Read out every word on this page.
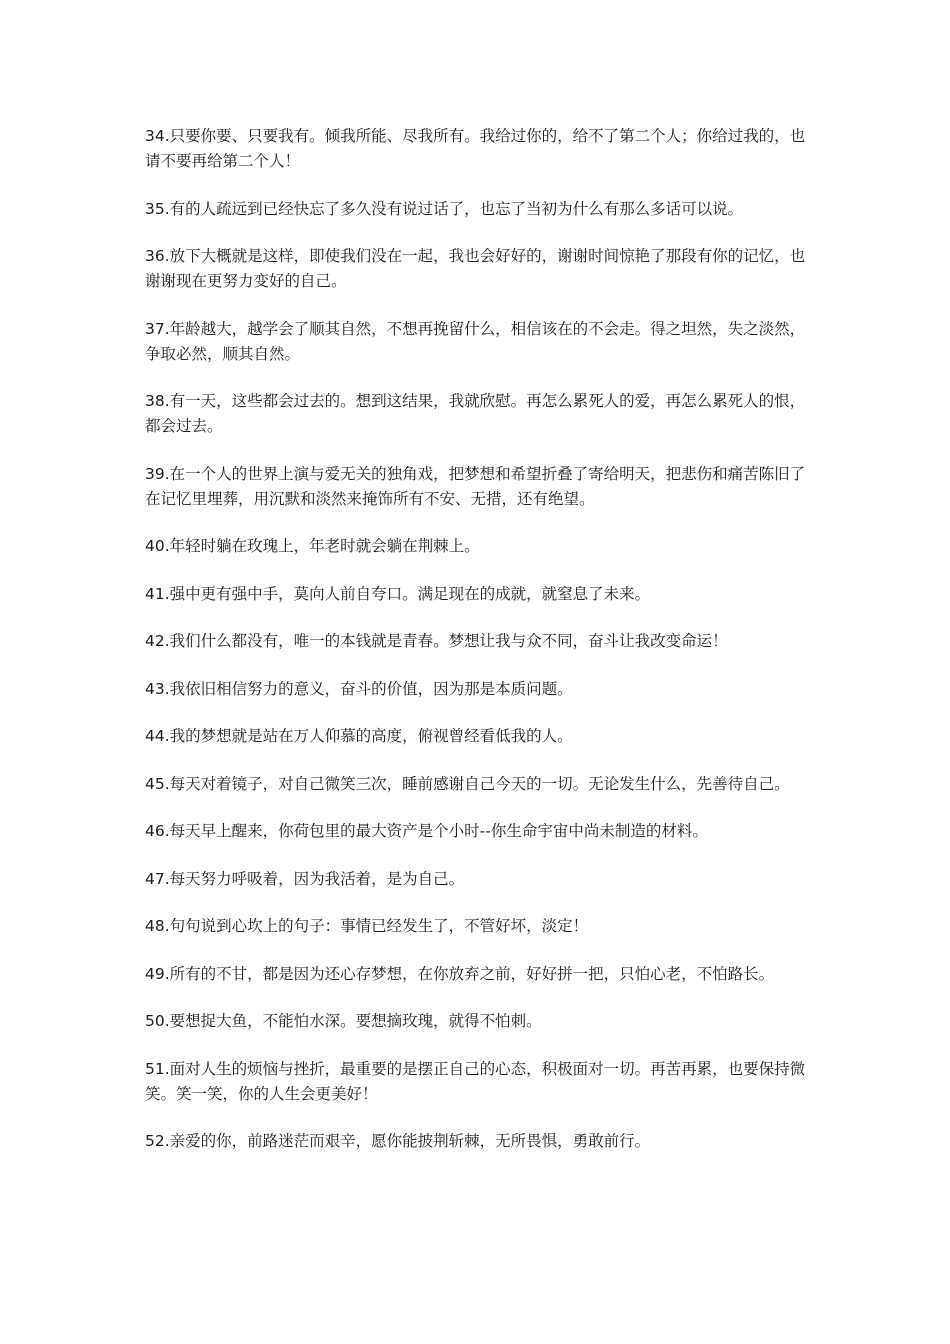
34.只要你要、只要我有。倾我所能、尽我所有。我给过你的，给不了第二个人；你给过我的，也请不要再给第二个人！

35.有的人疏远到已经快忘了多久没有说过话了，也忘了当初为什么有那么多话可以说。

36.放下大概就是这样，即使我们没在一起，我也会好好的，谢谢时间惊艳了那段有你的记忆，也谢谢现在更努力变好的自己。

37.年龄越大，越学会了顺其自然，不想再挽留什么，相信该在的不会走。得之坦然，失之淡然，争取必然，顺其自然。

38.有一天，这些都会过去的。想到这结果，我就欣慰。再怎么累死人的爱，再怎么累死人的恨，都会过去。

39.在一个人的世界上演与爱无关的独角戏，把梦想和希望折叠了寄给明天，把悲伤和痛苦陈旧了在记忆里埋葬，用沉默和淡然来掩饰所有不安、无措，还有绝望。

40.年轻时躺在玫瑰上，年老时就会躺在荆棘上。

41.强中更有强中手，莫向人前自夸口。满足现在的成就，就窒息了未来。

42.我们什么都没有，唯一的本钱就是青春。梦想让我与众不同，奋斗让我改变命运！

43.我依旧相信努力的意义，奋斗的价值，因为那是本质问题。

44.我的梦想就是站在万人仰慕的高度，俯视曾经看低我的人。

45.每天对着镜子，对自己微笑三次，睡前感谢自己今天的一切。无论发生什么，先善待自己。

46.每天早上醒来，你荷包里的最大资产是个小时--你生命宇宙中尚未制造的材料。

47.每天努力呼吸着，因为我活着，是为自己。

48.句句说到心坎上的句子：事情已经发生了，不管好坏，淡定！

49.所有的不甘，都是因为还心存梦想，在你放弃之前，好好拼一把，只怕心老，不怕路长。

50.要想捉大鱼，不能怕水深。要想摘玫瑰，就得不怕刺。

51.面对人生的烦恼与挫折，最重要的是摆正自己的心态，积极面对一切。再苦再累，也要保持微笑。笑一笑，你的人生会更美好！

52.亲爱的你，前路迷茫而艰辛，愿你能披荆斩棘，无所畏惧，勇敢前行。
